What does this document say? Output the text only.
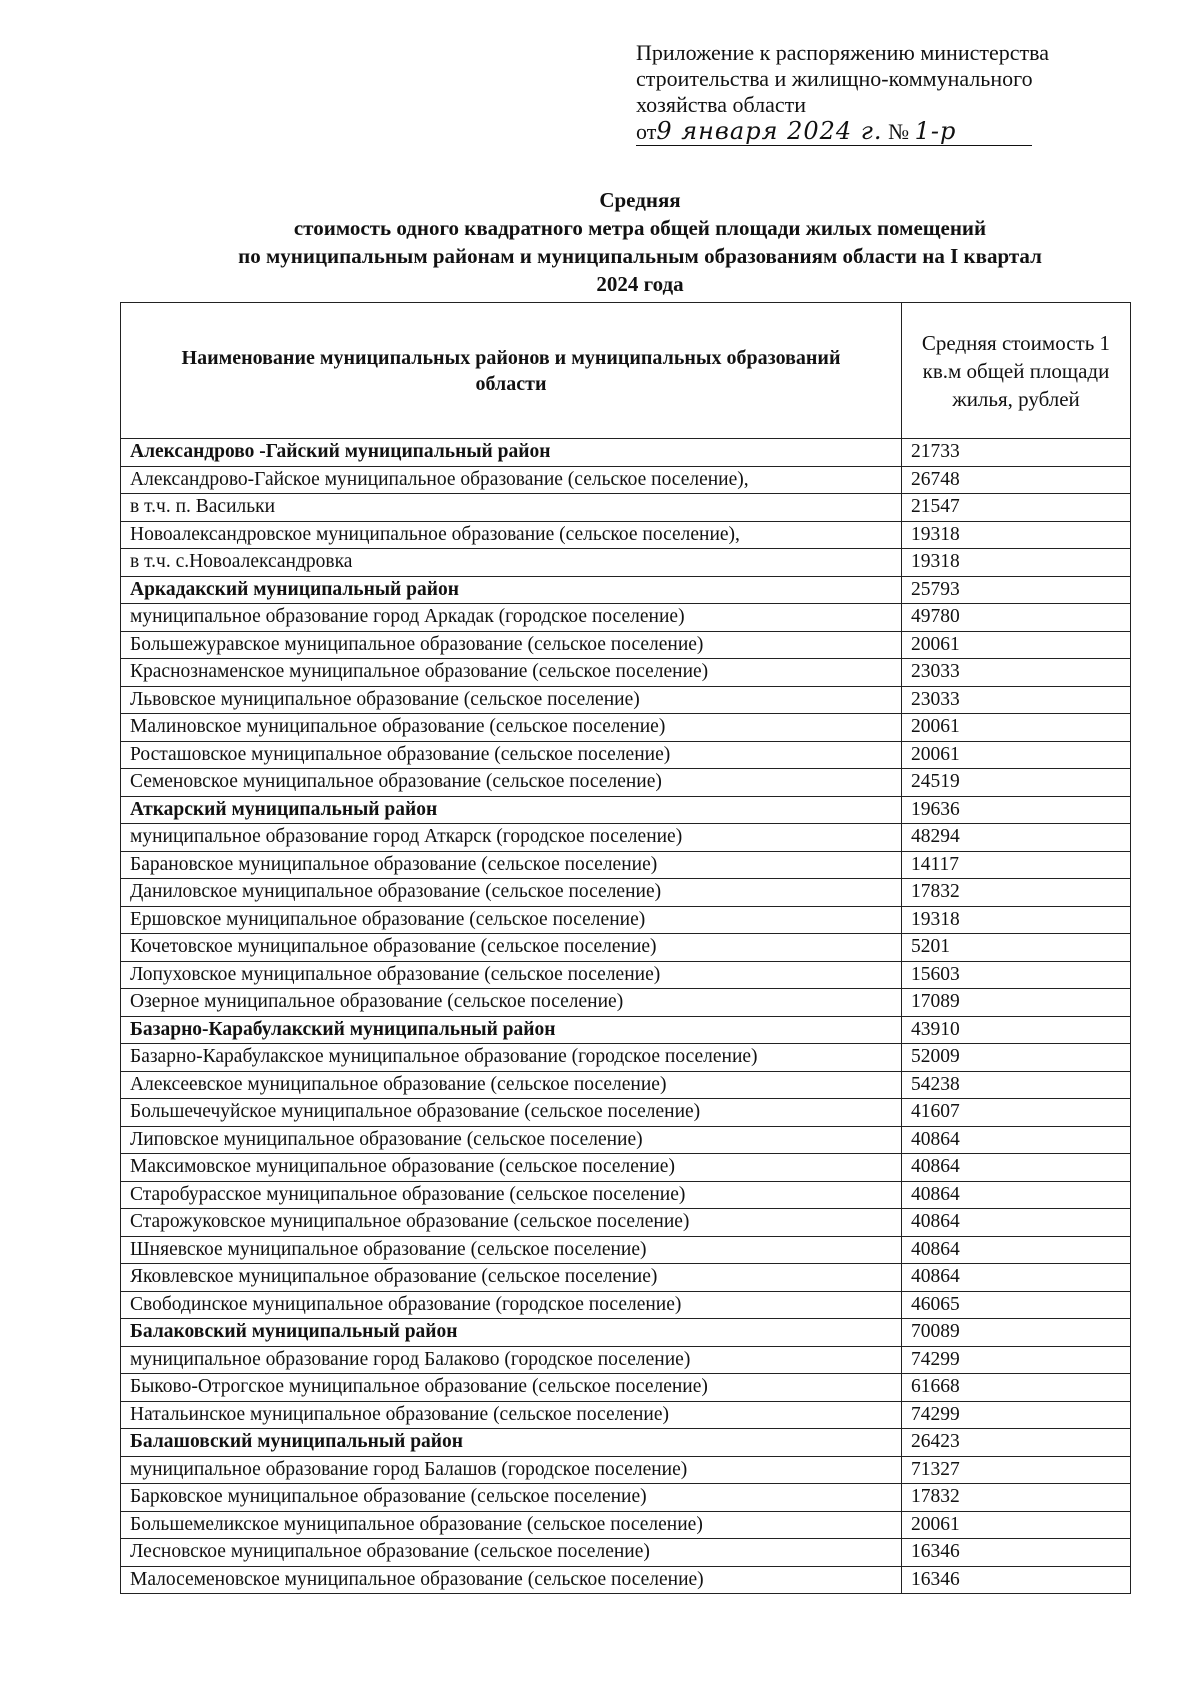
Приложение к распоряжению министерства
строительства и жилищно-коммунального
хозяйства области
от9 января 2024 г. № 1-р
Средняя
стоимость одного квадратного метра общей площади жилых помещений
по муниципальным районам и муниципальным образованиям области на I квартал
2024 года
Наименование муниципальных районов и муниципальных образований области	Средняя стоимость 1 кв.м общей площади жилья, рублей
Александрово -Гайский муниципальный район	21733
Александрово-Гайское муниципальное образование (сельское поселение),	26748
в т.ч. п. Васильки	21547
Новоалександровское муниципальное образование (сельское поселение),	19318
в т.ч. с.Новоалександровка	19318
Аркадакский муниципальный район	25793
муниципальное образование город Аркадак (городское поселение)	49780
Большежуравское муниципальное образование (сельское поселение)	20061
Краснознаменское муниципальное образование (сельское поселение)	23033
Львовское муниципальное образование (сельское поселение)	23033
Малиновское муниципальное образование (сельское поселение)	20061
Росташовское муниципальное образование (сельское поселение)	20061
Семеновское муниципальное образование (сельское поселение)	24519
Аткарский муниципальный район	19636
муниципальное образование город Аткарск (городское поселение)	48294
Барановское муниципальное образование (сельское поселение)	14117
Даниловское муниципальное образование (сельское поселение)	17832
Ершовское муниципальное образование (сельское поселение)	19318
Кочетовское муниципальное образование (сельское поселение)	5201
Лопуховское муниципальное образование (сельское поселение)	15603
Озерное муниципальное образование (сельское поселение)	17089
Базарно-Карабулакский муниципальный район	43910
Базарно-Карабулакское муниципальное образование (городское поселение)	52009
Алексеевское муниципальное образование (сельское поселение)	54238
Большечечуйское муниципальное образование (сельское поселение)	41607
Липовское муниципальное образование (сельское поселение)	40864
Максимовское муниципальное образование (сельское поселение)	40864
Старобурасское муниципальное образование (сельское поселение)	40864
Старожуковское муниципальное образование (сельское поселение)	40864
Шняевское муниципальное образование (сельское поселение)	40864
Яковлевское муниципальное образование (сельское поселение)	40864
Свободинское муниципальное образование (городское поселение)	46065
Балаковский муниципальный район	70089
муниципальное образование город Балаково (городское поселение)	74299
Быково-Отрогское муниципальное образование (сельское поселение)	61668
Натальинское муниципальное образование (сельское поселение)	74299
Балашовский муниципальный район	26423
муниципальное образование город Балашов (городское поселение)	71327
Барковское муниципальное образование (сельское поселение)	17832
Большемеликское муниципальное образование (сельское поселение)	20061
Лесновское муниципальное образование (сельское поселение)	16346
Малосеменовское муниципальное образование (сельское поселение)	16346
